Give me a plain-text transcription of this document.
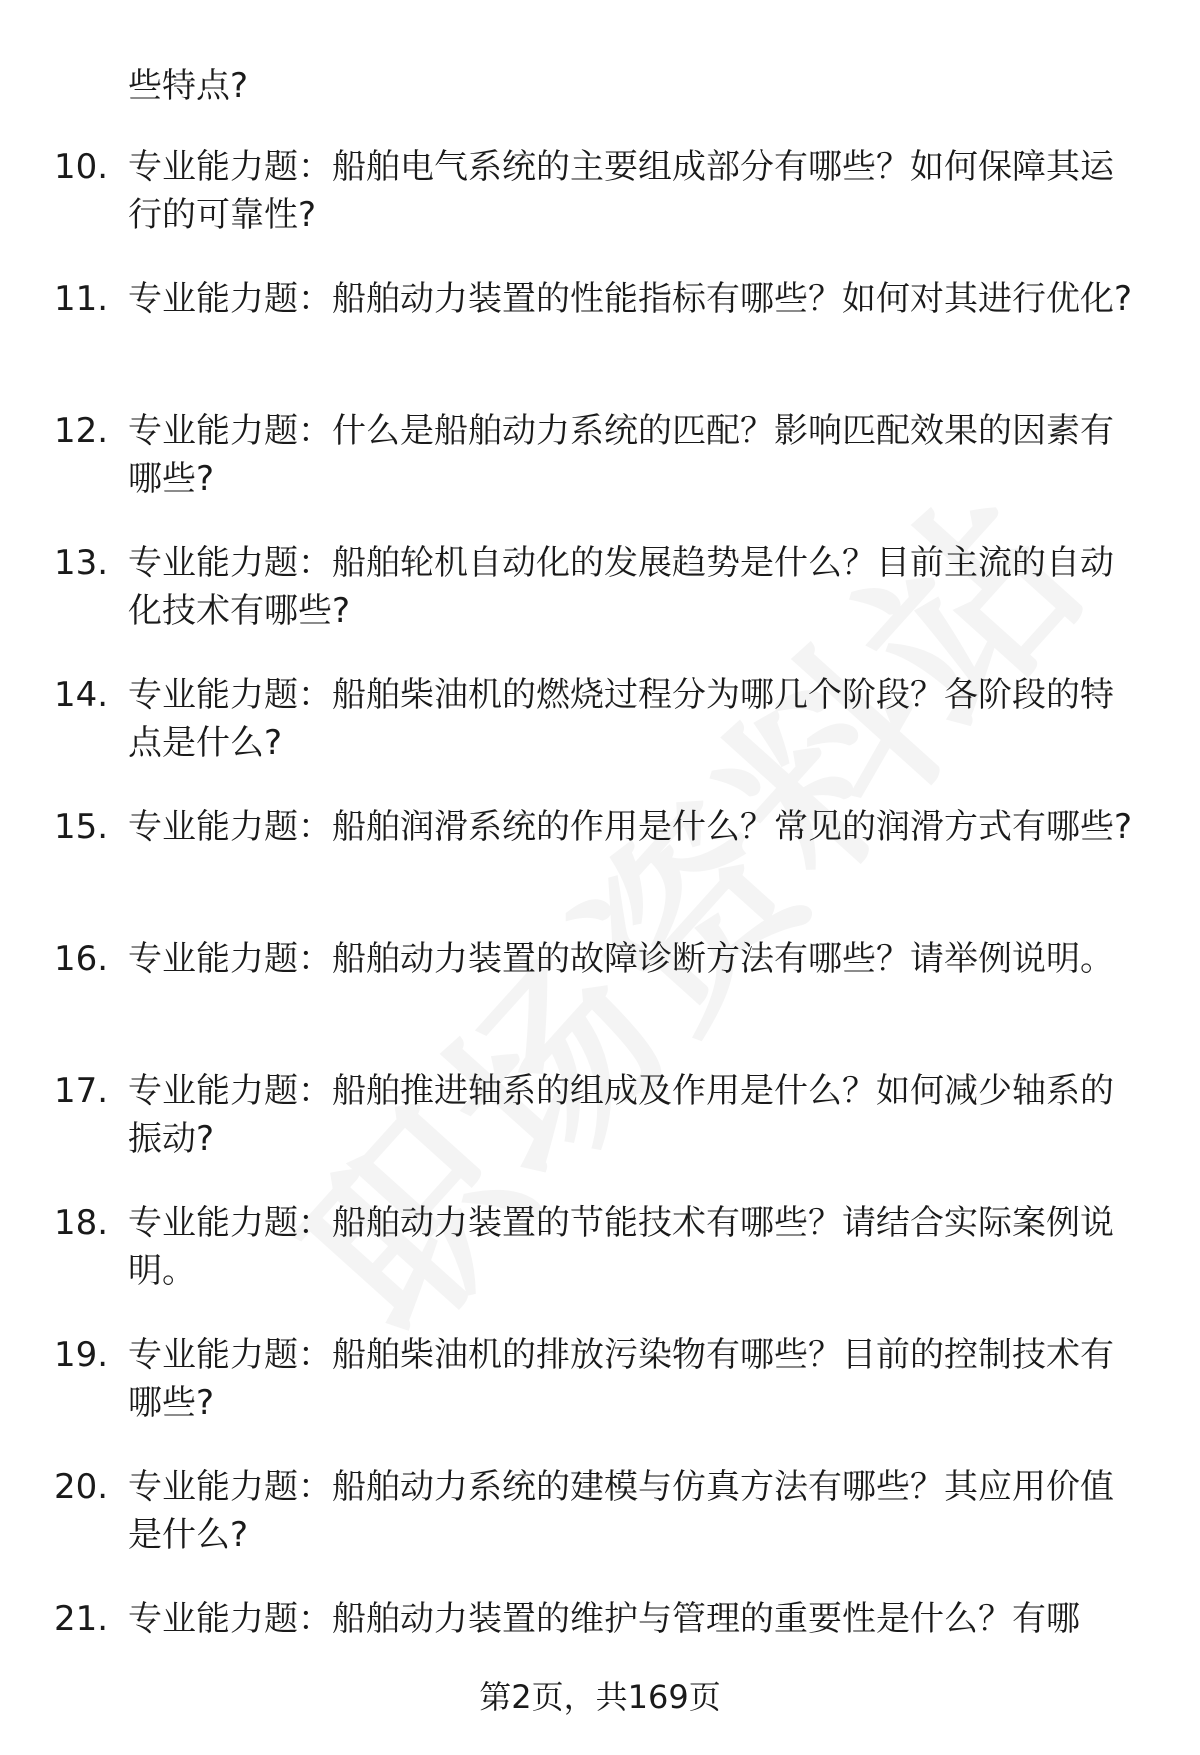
些特点?
10. 专业能力题：船舶电气系统的主要组成部分有哪些？如何保障其运行的可靠性?
11. 专业能力题：船舶动力装置的性能指标有哪些？如何对其进行优化?
12. 专业能力题：什么是船舶动力系统的匹配？影响匹配效果的因素有哪些?
13. 专业能力题：船舶轮机自动化的发展趋势是什么？目前主流的自动化技术有哪些?
14. 专业能力题：船舶柴油机的燃烧过程分为哪几个阶段？各阶段的特点是什么?
15. 专业能力题：船舶润滑系统的作用是什么？常见的润滑方式有哪些?
16. 专业能力题：船舶动力装置的故障诊断方法有哪些？请举例说明。
17. 专业能力题：船舶推进轴系的组成及作用是什么？如何减少轴系的振动?
18. 专业能力题：船舶动力装置的节能技术有哪些？请结合实际案例说明。
19. 专业能力题：船舶柴油机的排放污染物有哪些？目前的控制技术有哪些?
20. 专业能力题：船舶动力系统的建模与仿真方法有哪些？其应用价值是什么?
21. 专业能力题：船舶动力装置的维护与管理的重要性是什么？有哪
第2页，共169页
